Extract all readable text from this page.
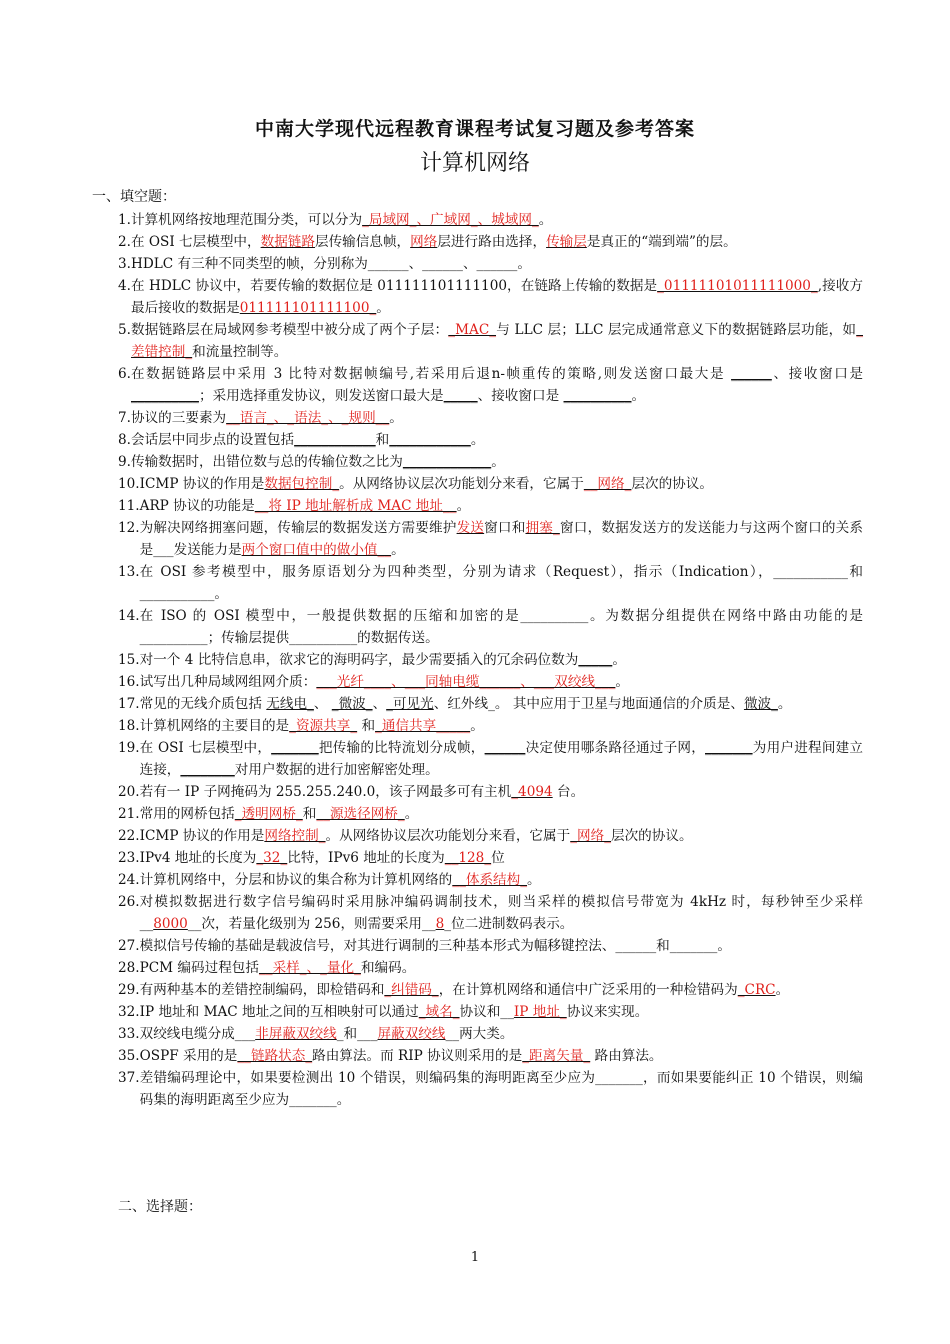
中南大学现代远程教育课程考试复习题及参考答案
计算机网络
一、填空题：
1. 计算机网络按地理范围分类，可以分为_局域网_、广域网_、城域网_。
2. 在 OSI 七层模型中，数据链路层传输信息帧，网络层进行路由选择，传输层是真正的“端到端”的层。
3. HDLC 有三种不同类型的帧，分别称为______、______、______。
4. 在 HDLC 协议中，若要传输的数据位是 011111101111100，在链路上传输的数据是_01111101011111000_,接收方最后接收的数据是011111101111100_。
5. 数据链路层在局域网参考模型中被分成了两个子层：_MAC_与 LLC 层；LLC 层完成通常意义下的数据链路层功能，如_差错控制_和流量控制等。
6. 在数据链路层中采用 3 比特对数据帧编号,若采用后退n-帧重传的策略,则发送窗口最大是 ______、接收窗口是 __________；采用选择重发协议，则发送窗口最大是_____、接收窗口是 __________。
7. 协议的三要素为__语言_、_语法_、_规则__。
8. 会话层中同步点的设置包括____________和____________。
9. 传输数据时，出错位数与总的传输位数之比为_____________。
10. ICMP 协议的作用是数据包控制_。从网络协议层次功能划分来看，它属于__网络_层次的协议。
11. ARP 协议的功能是__将 IP 地址解析成 MAC 地址__。
12. 为解决网络拥塞问题，传输层的数据发送方需要维护发送窗口和拥塞_窗口，数据发送方的发送能力与这两个窗口的关系是___发送能力是两个窗口值中的做小值__。
13. 在 OSI 参考模型中，服务原语划分为四种类型，分别为请求（Request），指示（Indication），___________和___________。
14. 在 ISO 的 OSI 模型中，一般提供数据的压缩和加密的是__________。为数据分组提供在网络中路由功能的是__________；传输层提供__________的数据传送。
15. 对一个 4 比特信息串，欲求它的海明码字，最少需要插入的冗余码位数为_____。
16. 试写出几种局域网组网介质：___光纤____、___同轴电缆______、___双绞线___。
17. 常见的无线介质包括 无线电_、 _微波_、_可见光、红外线_。 其中应用于卫星与地面通信的介质是、微波_。
18. 计算机网络的主要目的是_资源共享_ 和_通信共享_____。
19. 在 OSI 七层模型中，_______把传输的比特流划分成帧，______决定使用哪条路径通过子网，_______为用户进程间建立连接，________对用户数据的进行加密解密处理。
20. 若有一 IP 子网掩码为 255.255.240.0，该子网最多可有主机_4094 台。
21. 常用的网桥包括_透明网桥_和__源选径网桥_。
22. ICMP 协议的作用是网络控制_。从网络协议层次功能划分来看，它属于_网络_层次的协议。
23. IPv4 地址的长度为_32_比特，IPv6 地址的长度为__128_位
24. 计算机网络中，分层和协议的集合称为计算机网络的__体系结构_。
26. 对模拟数据进行数字信号编码时采用脉冲编码调制技术，则当采样的模拟信号带宽为 4kHz 时，每秒钟至少采样__8000__次，若量化级别为 256，则需要采用__8_位二进制数码表示。
27. 模拟信号传输的基础是载波信号，对其进行调制的三种基本形式为幅移键控法、______和_______。
28. PCM 编码过程包括__采样_、_量化_和编码。
29. 有两种基本的差错控制编码，即检错码和_纠错码_，在计算机网络和通信中广泛采用的一种检错码为_CRC。
32. IP 地址和 MAC 地址之间的互相映射可以通过_域名_协议和__IP 地址_协议来实现。
33. 双绞线电缆分成___非屏蔽双绞线_和___屏蔽双绞线__两大类。
35. OSPF 采用的是__链路状态_路由算法。而 RIP 协议则采用的是_距离矢量_ 路由算法。
37. 差错编码理论中，如果要检测出 10 个错误，则编码集的海明距离至少应为_______，而如果要能纠正 10 个错误，则编码集的海明距离至少应为_______。
二、选择题：
1
